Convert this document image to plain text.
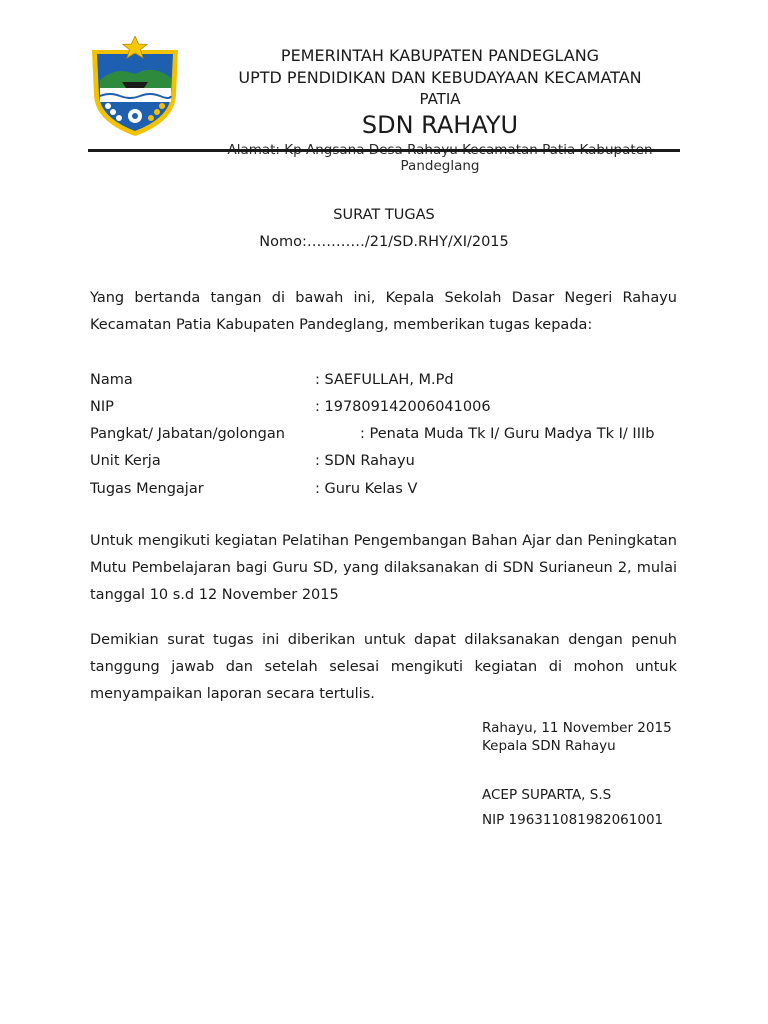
PEMERINTAH KABUPATEN PANDEGLANG
UPTD PENDIDIKAN DAN KEBUDAYAAN KECAMATAN
PATIA
SDN RAHAYU
Alamat: Kp Angsana Desa Rahayu Kecamatan Patia Kabupaten
Pandeglang
SURAT TUGAS
Nomo:…………/21/SD.RHY/XI/2015
Yang bertanda tangan di bawah ini, Kepala Sekolah Dasar Negeri Rahayu Kecamatan Patia Kabupaten Pandeglang, memberikan tugas kepada:
Nama	: SAEFULLAH, M.Pd
NIP	: 197809142006041006
Pangkat/ Jabatan/golongan	: Penata Muda Tk I/ Guru Madya Tk I/ IIIb
Unit Kerja	: SDN Rahayu
Tugas Mengajar	: Guru Kelas V
Untuk mengikuti kegiatan Pelatihan Pengembangan Bahan Ajar dan Peningkatan Mutu Pembelajaran bagi Guru SD, yang dilaksanakan di SDN Surianeun 2, mulai tanggal 10 s.d 12 November 2015
Demikian surat tugas ini diberikan untuk dapat dilaksanakan dengan penuh tanggung jawab dan setelah selesai mengikuti kegiatan di mohon untuk menyampaikan laporan secara tertulis.
Rahayu, 11 November 2015
Kepala SDN Rahayu
ACEP SUPARTA, S.S
NIP 196311081982061001
